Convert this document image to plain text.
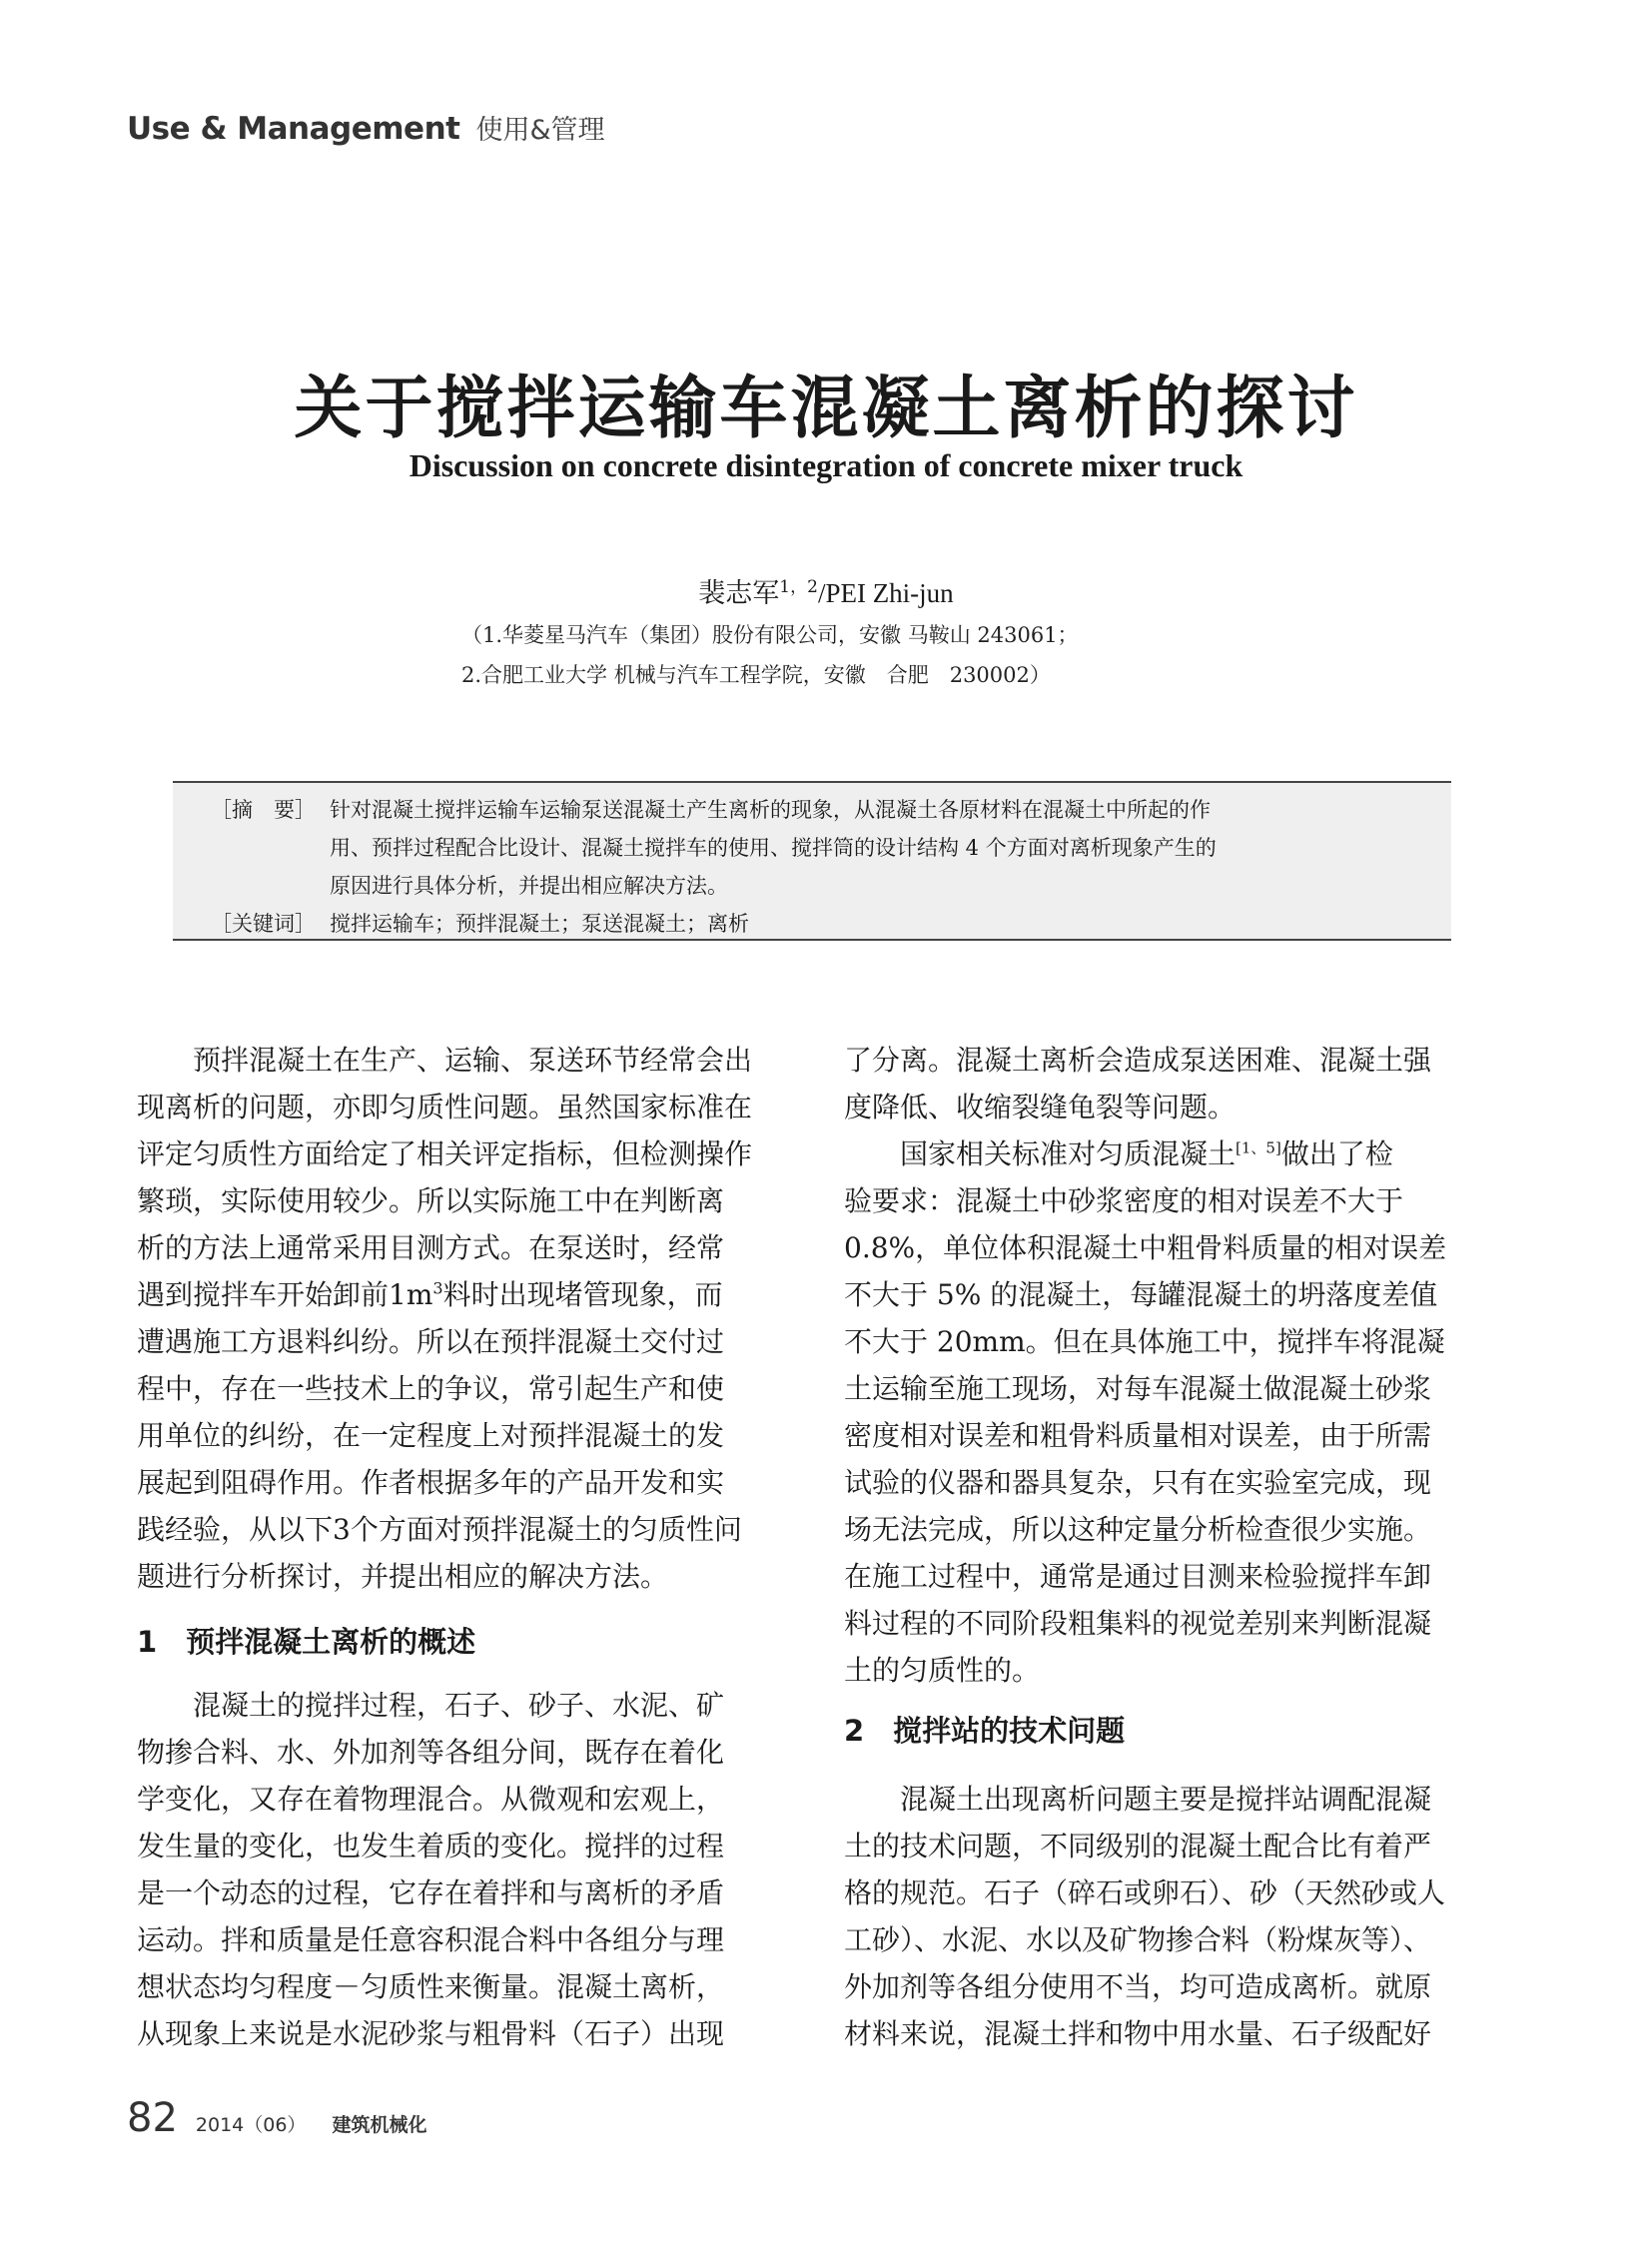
Use & Management 使用&管理
关于搅拌运输车混凝土离析的探讨
Discussion on concrete disintegration of concrete mixer truck
裴志军$^{1,2}$/PEI Zhi-jun
（1.华菱星马汽车（集团）股份有限公司，安徽 马鞍山 243061；
2.合肥工业大学 机械与汽车工程学院，安徽　合肥　230002）
［摘　要］ 针对混凝土搅拌运输车运输泵送混凝土产生离析的现象，从混凝土各原材料在混凝土中所起的作
用、预拌过程配合比设计、混凝土搅拌车的使用、搅拌筒的设计结构 4 个方面对离析现象产生的
原因进行具体分析，并提出相应解决方法。
［关键词］ 搅拌运输车；预拌混凝土；泵送混凝土；离析
　　预拌混凝土在生产、运输、泵送环节经常会出
现离析的问题，亦即匀质性问题。虽然国家标准在
评定匀质性方面给定了相关评定指标，但检测操作
繁琐，实际使用较少。所以实际施工中在判断离
析的方法上通常采用目测方式。在泵送时，经常
遇到搅拌车开始卸前$1m^3$料时出现堵管现象，而
遭遇施工方退料纠纷。所以在预拌混凝土交付过
程中，存在一些技术上的争议，常引起生产和使
用单位的纠纷，在一定程度上对预拌混凝土的发
展起到阻碍作用。作者根据多年的产品开发和实
践经验，从以下3个方面对预拌混凝土的匀质性问
题进行分析探讨，并提出相应的解决方法。
1　预拌混凝土离析的概述
　　混凝土的搅拌过程，石子、砂子、水泥、矿
物掺合料、水、外加剂等各组分间，既存在着化
学变化，又存在着物理混合。从微观和宏观上，
发生量的变化，也发生着质的变化。搅拌的过程
是一个动态的过程，它存在着拌和与离析的矛盾
运动。拌和质量是任意容积混合料中各组分与理
想状态均匀程度－匀质性来衡量。混凝土离析，
从现象上来说是水泥砂浆与粗骨料（石子）出现
了分离。混凝土离析会造成泵送困难、混凝土强
度降低、收缩裂缝龟裂等问题。
　　国家相关标准对匀质混凝土[1、5]做出了检
验要求：混凝土中砂浆密度的相对误差不大于
0.8%，单位体积混凝土中粗骨料质量的相对误差
不大于 5% 的混凝土，每罐混凝土的坍落度差值
不大于 20mm。但在具体施工中，搅拌车将混凝
土运输至施工现场，对每车混凝土做混凝土砂浆
密度相对误差和粗骨料质量相对误差，由于所需
试验的仪器和器具复杂，只有在实验室完成，现
场无法完成，所以这种定量分析检查很少实施。
在施工过程中，通常是通过目测来检验搅拌车卸
料过程的不同阶段粗集料的视觉差别来判断混凝
土的匀质性的。
2　搅拌站的技术问题
　　混凝土出现离析问题主要是搅拌站调配混凝
土的技术问题，不同级别的混凝土配合比有着严
格的规范。石子（碎石或卵石）、砂（天然砂或人
工砂）、水泥、水以及矿物掺合料（粉煤灰等）、
外加剂等各组分使用不当，均可造成离析。就原
材料来说，混凝土拌和物中用水量、石子级配好
82 2014（06） 建筑机械化
